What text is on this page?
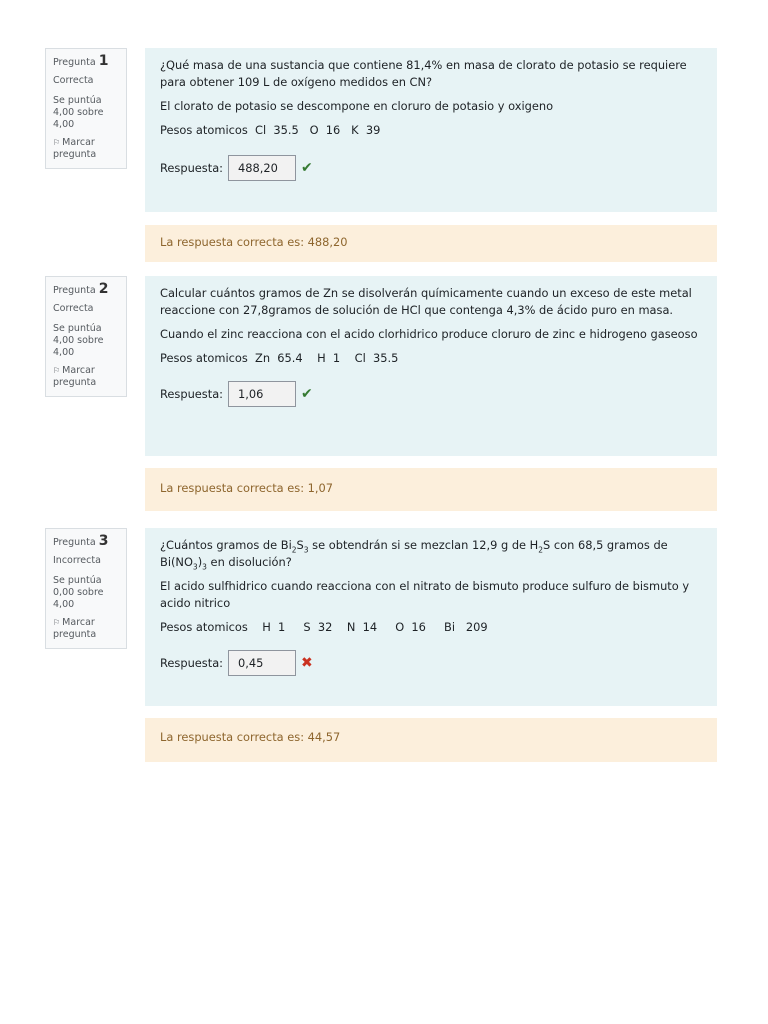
Pregunta 1
Correcta
Se puntúa 4,00 sobre 4,00
⚐ Marcar pregunta

¿Qué masa de una sustancia que contiene 81,4% en masa de clorato de potasio se requiere para obtener 109 L de oxígeno medidos en CN?

El clorato de potasio se descompone en cloruro de potasio y oxigeno

Pesos atomicos  Cl  35.5   O  16   K  39

Respuesta:	488,20	✔
La respuesta correcta es: 488,20
Pregunta 2
Correcta
Se puntúa 4,00 sobre 4,00
⚐ Marcar pregunta

Calcular cuántos gramos de Zn se disolverán químicamente cuando un exceso de este metal reaccione con 27,8gramos de solución de HCl que contenga 4,3% de ácido puro en masa.

Cuando el zinc reacciona con el acido clorhidrico produce cloruro de zinc e hidrogeno gaseoso

Pesos atomicos  Zn  65.4    H  1    Cl  35.5

Respuesta:	1,06	✔
La respuesta correcta es: 1,07
Pregunta 3
Incorrecta
Se puntúa 0,00 sobre 4,00
⚐ Marcar pregunta

¿Cuántos gramos de $Bi_2S_3$ se obtendrán si se mezclan 12,9 g de $H_2S$ con 68,5 gramos de $Bi(NO_3)_3$ en disolución?

El acido sulfhidrico cuando reacciona con el nitrato de bismuto produce sulfuro de bismuto y acido nitrico

Pesos atomicos    H  1     S  32    N  14     O  16     Bi   209

Respuesta:	0,45	✖
La respuesta correcta es: 44,57
